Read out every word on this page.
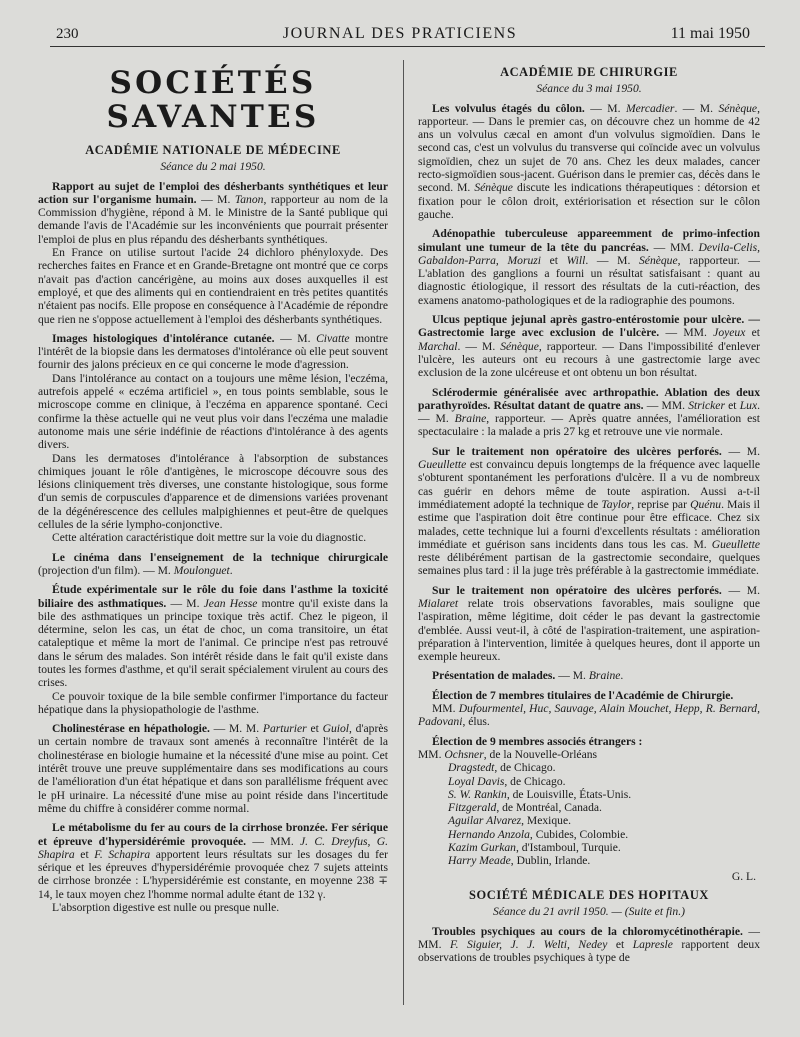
230	JOURNAL DES PRATICIENS	11 mai 1950
SOCIÉTÉS SAVANTES
ACADÉMIE NATIONALE DE MÉDECINE
Séance du 2 mai 1950.

Rapport au sujet de l'emploi des désherbants synthétiques et leur action sur l'organisme humain. — M. Tanon, rapporteur au nom de la Commission d'hygiène, répond à M. le Ministre de la Santé publique qui demande l'avis de l'Académie sur les inconvénients que pourrait présenter l'emploi de plus en plus répandu des désherbants synthétiques.

En France on utilise surtout l'acide 24 dichloro phényloxyde. Des recherches faites en France et en Grande-Bretagne ont montré que ce corps n'avait pas d'action cancérigène, au moins aux doses auxquelles il est employé, et que des aliments qui en contiendraient en très petites quantités n'étaient pas nocifs. Elle propose en conséquence à l'Académie de répondre que rien ne s'oppose actuellement à l'emploi des désherbants synthétiques.

Images histologiques d'intolérance cutanée. — M. Civatte montre l'intérêt de la biopsie dans les dermatoses d'intolérance où elle peut souvent fournir des jalons précieux en ce qui concerne le mode d'agression.

Dans l'intolérance au contact on a toujours une même lésion, l'eczéma, autrefois appelé « eczéma artificiel », en tous points semblable, sous le microscope comme en clinique, à l'eczéma en apparence spontané. Ceci confirme la thèse actuelle qui ne veut plus voir dans l'eczéma une maladie autonome mais une série indéfinie de réactions d'intolérance à des agents divers.

Dans les dermatoses d'intolérance à l'absorption de substances chimiques jouant le rôle d'antigènes, le microscope découvre sous des lésions cliniquement très diverses, une constante histologique, sous forme d'un semis de corpuscules d'apparence et de dimensions variées provenant de la dégénérescence des cellules malpighiennes et peut-être de quelques cellules de la série lympho-conjonctive.

Cette altération caractéristique doit mettre sur la voie du diagnostic.

Le cinéma dans l'enseignement de la technique chirurgicale (projection d'un film). — M. Moulonguet.

Étude expérimentale sur le rôle du foie dans l'asthme la toxicité biliaire des asthmatiques. — M. Jean Hesse montre qu'il existe dans la bile des asthmatiques un principe toxique très actif. Chez le pigeon, il détermine, selon les cas, un état de choc, un coma transitoire, un état cataleptique et même la mort de l'animal. Ce principe n'est pas retrouvé dans le sérum des malades. Son intérêt réside dans le fait qu'il existe dans toutes les formes d'asthme, et qu'il serait spécialement virulent au cours des crises.

Ce pouvoir toxique de la bile semble confirmer l'importance du facteur hépatique dans la physiopathologie de l'asthme.

Cholinestérase en hépathologie. — M. M. Parturier et Guiol, d'après un certain nombre de travaux sont amenés à reconnaître l'intérêt de la cholinestérase en biologie humaine et la nécessité d'une mise au point. Cet intérêt trouve une preuve supplémentaire dans ses modifications au cours de l'amélioration d'un état hépatique et dans son parallélisme fréquent avec le pH urinaire. La nécessité d'une mise au point réside dans l'incertitude même du chiffre à considérer comme normal.

Le métabolisme du fer au cours de la cirrhose bronzée. Fer sérique et épreuve d'hypersidérémie provoquée. — MM. J. C. Dreyfus, G. Shapira et F. Schapira apportent leurs résultats sur les dosages du fer sérique et les épreuves d'hypersidérémie provoquée chez 7 sujets atteints de cirrhose bronzée : L'hypersidérémie est constante, en moyenne 238 ∓ 14, le taux moyen chez l'homme normal adulte étant de 132 γ.

L'absorption digestive est nulle ou presque nulle.

ACADÉMIE DE CHIRURGIE
Séance du 3 mai 1950.

Les volvulus étagés du côlon. — M. Mercadier. — M. Sénèque, rapporteur. — Dans le premier cas, on découvre chez un homme de 42 ans un volvulus cæcal en amont d'un volvulus sigmoïdien. Dans le second cas, c'est un volvulus du transverse qui coïncide avec un volvulus sigmoïdien, chez un sujet de 70 ans. Chez les deux malades, cancer recto-sigmoïdien sous-jacent. Guérison dans le premier cas, décès dans le second. M. Sénèque discute les indications thérapeutiques : détorsion et fixation pour le côlon droit, extériorisation et résection sur le côlon gauche.

Adénopathie tuberculeuse appareemment de primo-infection simulant une tumeur de la tête du pancréas. — MM. Devila-Celis, Gabaldon-Parra, Moruzi et Will. — M. Sénèque, rapporteur. — L'ablation des ganglions a fourni un résultat satisfaisant : quant au diagnostic étiologique, il ressort des résultats de la cuti-réaction, des examens anatomo-pathologiques et de la radiographie des poumons.

Ulcus peptique jejunal après gastro-entérostomie pour ulcère. — Gastrectomie large avec exclusion de l'ulcère. — MM. Joyeux et Marchal. — M. Sénèque, rapporteur. — Dans l'impossibilité d'enlever l'ulcère, les auteurs ont eu recours à une gastrectomie large avec exclusion de la zone ulcéreuse et ont obtenu un bon résultat.

Sclérodermie généralisée avec arthropathie. Ablation des deux parathyroïdes. Résultat datant de quatre ans. — MM. Stricker et Lux. — M. Braine, rapporteur. — Après quatre années, l'amélioration est spectaculaire : la malade a pris 27 kg et retrouve une vie normale.

Sur le traitement non opératoire des ulcères perforés. — M. Gueullette est convaincu depuis longtemps de la fréquence avec laquelle s'obturent spontanément les perforations d'ulcère. Il a vu de nombreux cas guérir en dehors même de toute aspiration. Aussi a-t-il immédiatement adopté la technique de Taylor, reprise par Quénu. Mais il estime que l'aspiration doit être continue pour être efficace. Chez six malades, cette technique lui a fourni d'excellents résultats : amélioration immédiate et guérison sans incidents dans tous les cas. M. Gueullette reste délibérément partisan de la gastrectomie secondaire, quelques semaines plus tard : il la juge très préférable à la gastrectomie immédiate.

Sur le traitement non opératoire des ulcères perforés. — M. Mialaret relate trois observations favorables, mais souligne que l'aspiration, même légitime, doit céder le pas devant la gastrectomie d'emblée. Aussi veut-il, à côté de l'aspiration-traitement, une aspiration-préparation à l'intervention, limitée à quelques heures, dont il apporte un exemple heureux.

Présentation de malades. — M. Braine.

Élection de 7 membres titulaires de l'Académie de Chirurgie.

MM. Dufourmentel, Huc, Sauvage, Alain Mouchet, Hepp, R. Bernard, Padovani, élus.

Élection de 9 membres associés étrangers :

MM. Ochsner, de la Nouvelle-Orléans
Dragstedt, de Chicago.
Loyal Davis, de Chicago.
S. W. Rankin, de Louisville, États-Unis.
Fitzgerald, de Montréal, Canada.
Aguilar Alvarez, Mexique.
Hernando Anzola, Cubides, Colombie.
Kazim Gurkan, d'Istamboul, Turquie.
Harry Meade, Dublin, Irlande.
G. L.
SOCIÉTÉ MÉDICALE DES HOPITAUX
Séance du 21 avril 1950. — (Suite et fin.)

Troubles psychiques au cours de la chloromycétinothérapie. — MM. F. Siguier, J. J. Welti, Nedey et Lapresle rapportent deux observations de troubles psychiques à type de
